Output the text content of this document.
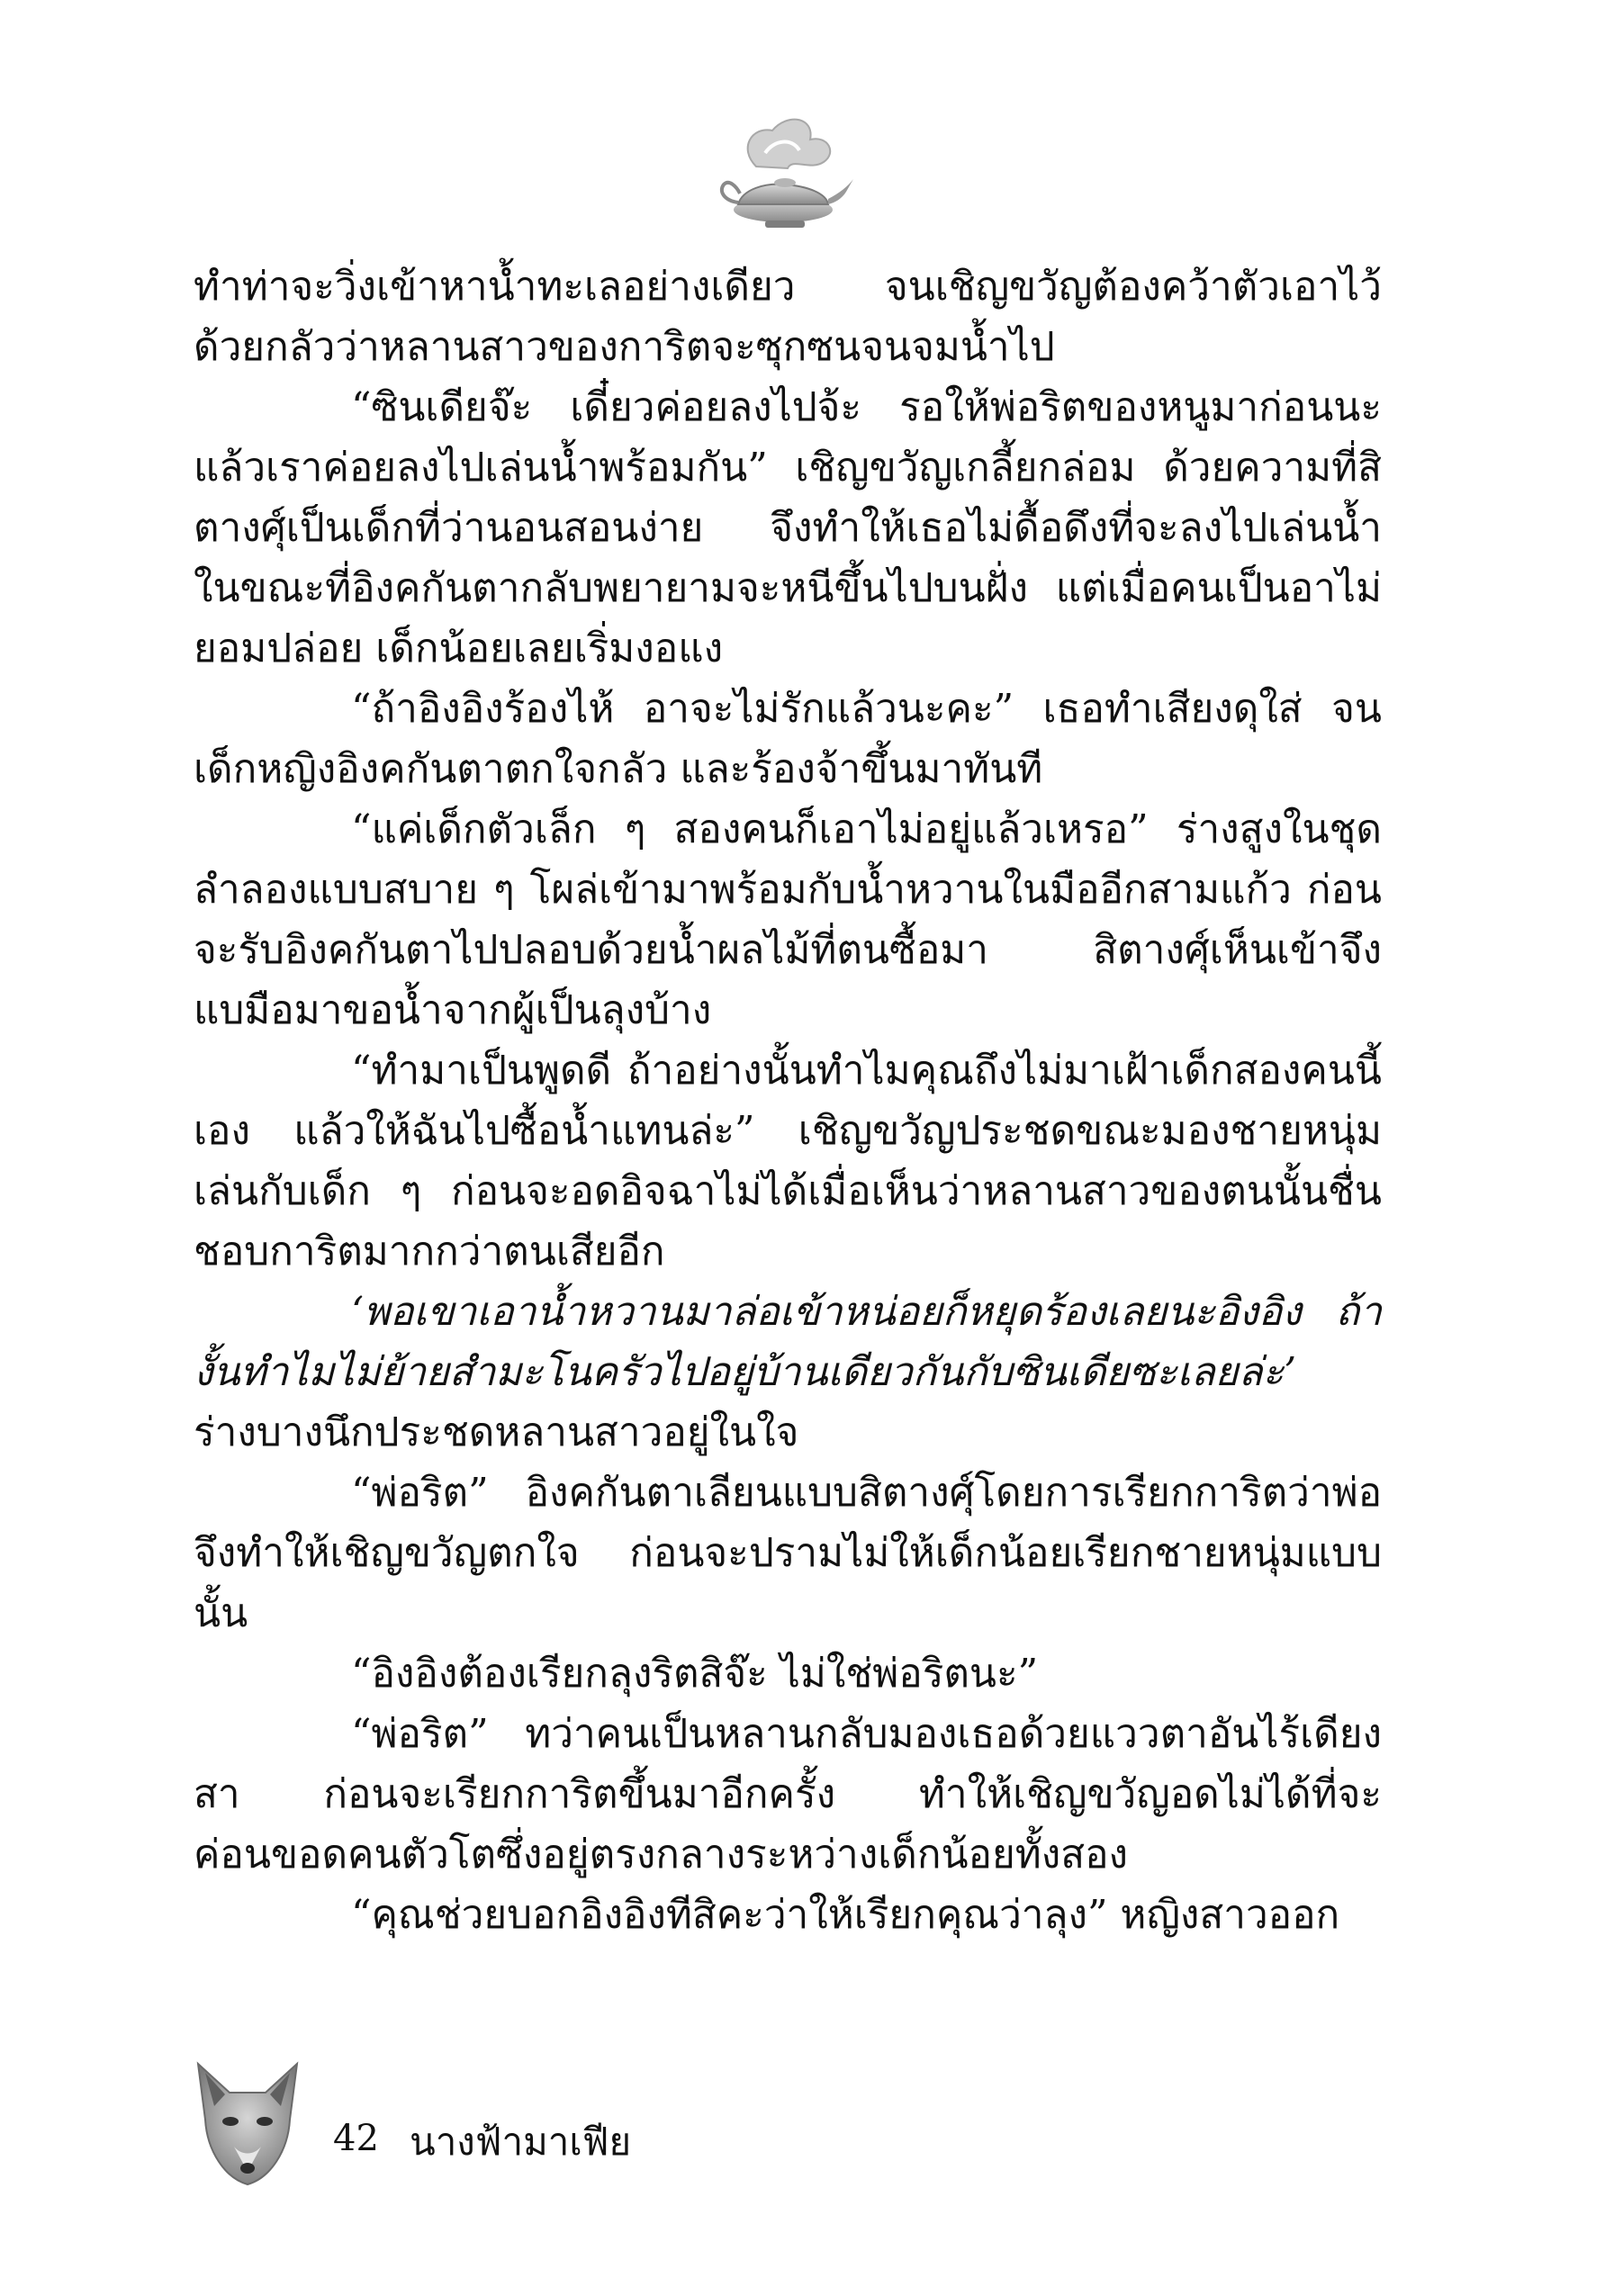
ทำท่าจะวิ่งเข้าหาน้ำทะเลอย่างเดียว จนเชิญขวัญต้องคว้าตัวเอาไว้ ด้วยกลัวว่าหลานสาวของการิตจะซุกซนจนจมน้ำไป

“ซินเดียจ๊ะ เดี๋ยวค่อยลงไปจ้ะ รอให้พ่อริตของหนูมาก่อนนะ แล้วเราค่อยลงไปเล่นน้ำพร้อมกัน” เชิญขวัญเกลี้ยกล่อม ด้วยความที่สิตางศุ์เป็นเด็กที่ว่านอนสอนง่าย จึงทำให้เธอไม่ดื้อดึงที่จะลงไปเล่นน้ำ ในขณะที่อิงคกันตากลับพยายามจะหนีขึ้นไปบนฝั่ง แต่เมื่อคนเป็นอาไม่ยอมปล่อย เด็กน้อยเลยเริ่มงอแง

“ถ้าอิงอิงร้องไห้ อาจะไม่รักแล้วนะคะ” เธอทำเสียงดุใส่ จนเด็กหญิงอิงคกันตาตกใจกลัว และร้องจ้าขึ้นมาทันที

“แค่เด็กตัวเล็ก ๆ สองคนก็เอาไม่อยู่แล้วเหรอ” ร่างสูงในชุดลำลองแบบสบาย ๆ โผล่เข้ามาพร้อมกับน้ำหวานในมืออีกสามแก้ว ก่อนจะรับอิงคกันตาไปปลอบด้วยน้ำผลไม้ที่ตนซื้อมา สิตางศุ์เห็นเข้าจึงแบมือมาขอน้ำจากผู้เป็นลุงบ้าง

“ทำมาเป็นพูดดี ถ้าอย่างนั้นทำไมคุณถึงไม่มาเฝ้าเด็กสองคนนี้เอง แล้วให้ฉันไปซื้อน้ำแทนล่ะ” เชิญขวัญประชดขณะมองชายหนุ่มเล่นกับเด็ก ๆ ก่อนจะอดอิจฉาไม่ได้เมื่อเห็นว่าหลานสาวของตนนั้นชื่นชอบการิตมากกว่าตนเสียอีก

‘พอเขาเอาน้ำหวานมาล่อเข้าหน่อยก็หยุดร้องเลยนะอิงอิง ถ้างั้นทำไมไม่ย้ายสำมะโนครัวไปอยู่บ้านเดียวกันกับซินเดียซะเลยล่ะ’

ร่างบางนึกประชดหลานสาวอยู่ในใจ

“พ่อริต” อิงคกันตาเลียนแบบสิตางศุ์โดยการเรียกการิตว่าพ่อ จึงทำให้เชิญขวัญตกใจ ก่อนจะปรามไม่ให้เด็กน้อยเรียกชายหนุ่มแบบนั้น

“อิงอิงต้องเรียกลุงริตสิจ๊ะ ไม่ใช่พ่อริตนะ”

“พ่อริต” ทว่าคนเป็นหลานกลับมองเธอด้วยแววตาอันไร้เดียงสา ก่อนจะเรียกการิตขึ้นมาอีกครั้ง ทำให้เชิญขวัญอดไม่ได้ที่จะค่อนขอดคนตัวโตซึ่งอยู่ตรงกลางระหว่างเด็กน้อยทั้งสอง

“คุณช่วยบอกอิงอิงทีสิคะว่าให้เรียกคุณว่าลุง” หญิงสาวออก

42 นางฟ้ามาเฟีย
